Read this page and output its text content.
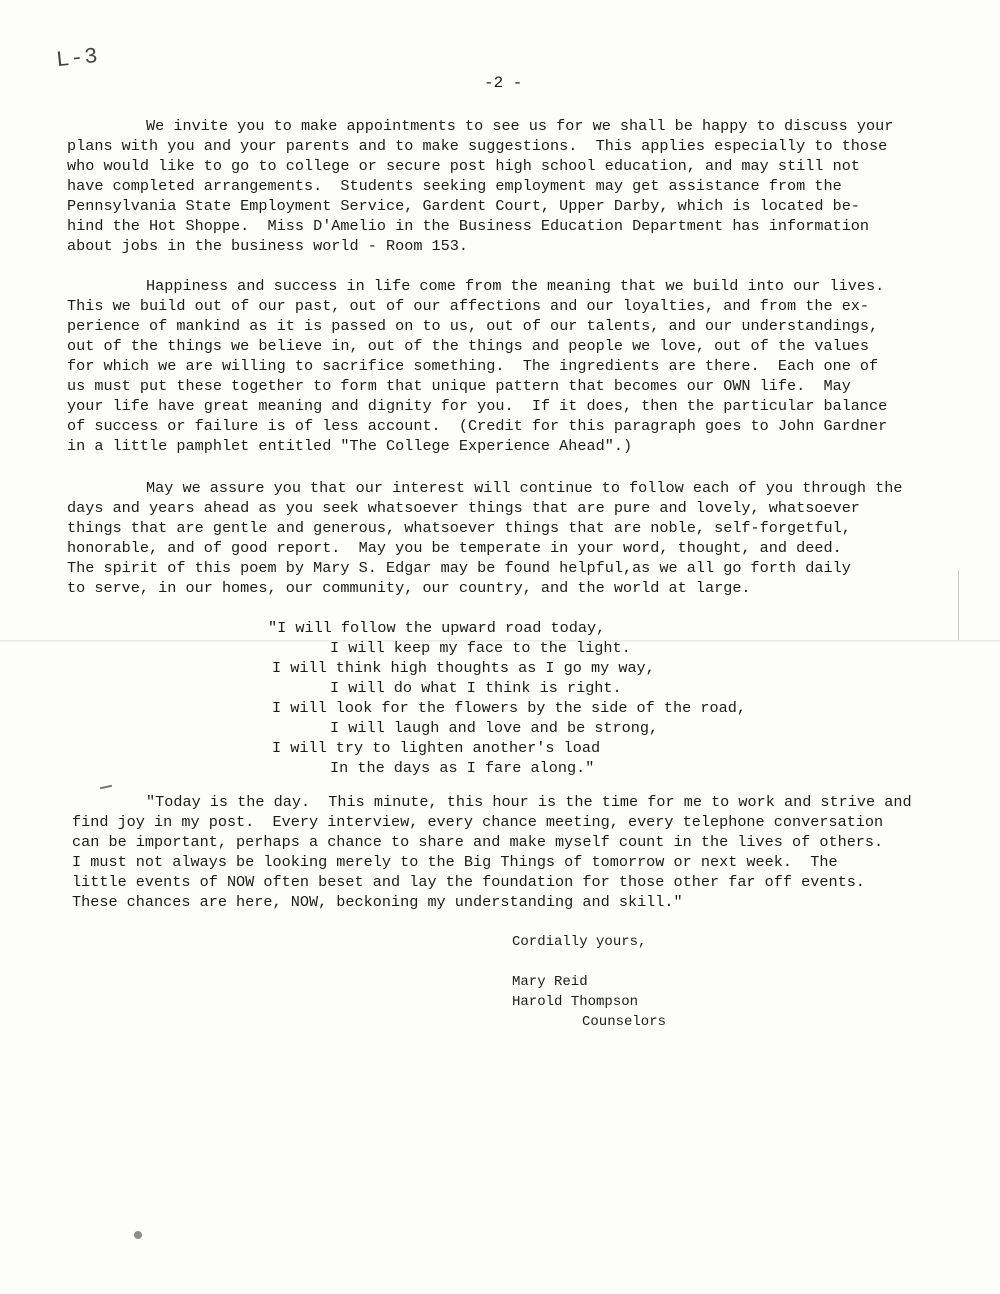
L-3
-2 -
We invite you to make appointments to see us for we shall be happy to discuss your
plans with you and your parents and to make suggestions.  This applies especially to those
who would like to go to college or secure post high school education, and may still not
have completed arrangements.  Students seeking employment may get assistance from the
Pennsylvania State Employment Service, Gardent Court, Upper Darby, which is located be-
hind the Hot Shoppe.  Miss D'Amelio in the Business Education Department has information
about jobs in the business world - Room 153.
Happiness and success in life come from the meaning that we build into our lives.
This we build out of our past, out of our affections and our loyalties, and from the ex-
perience of mankind as it is passed on to us, out of our talents, and our understandings,
out of the things we believe in, out of the things and people we love, out of the values
for which we are willing to sacrifice something.  The ingredients are there.  Each one of
us must put these together to form that unique pattern that becomes our OWN life.  May
your life have great meaning and dignity for you.  If it does, then the particular balance
of success or failure is of less account.  (Credit for this paragraph goes to John Gardner
in a little pamphlet entitled "The College Experience Ahead".)
May we assure you that our interest will continue to follow each of you through the
days and years ahead as you seek whatsoever things that are pure and lovely, whatsoever
things that are gentle and generous, whatsoever things that are noble, self-forgetful,
honorable, and of good report.  May you be temperate in your word, thought, and deed.
The spirit of this poem by Mary S. Edgar may be found helpful,as we all go forth daily
to serve, in our homes, our community, our country, and the world at large.
"I will follow the upward road today,
I will keep my face to the light.
I will think high thoughts as I go my way,
I will do what I think is right.
I will look for the flowers by the side of the road,
I will laugh and love and be strong,
I will try to lighten another's load
In the days as I fare along."
"Today is the day.  This minute, this hour is the time for me to work and strive and
find joy in my post.  Every interview, every chance meeting, every telephone conversation
can be important, perhaps a chance to share and make myself count in the lives of others.
I must not always be looking merely to the Big Things of tomorrow or next week.  The
little events of NOW often beset and lay the foundation for those other far off events.
These chances are here, NOW, beckoning my understanding and skill."
Cordially yours,
Mary Reid
Harold Thompson
Counselors
